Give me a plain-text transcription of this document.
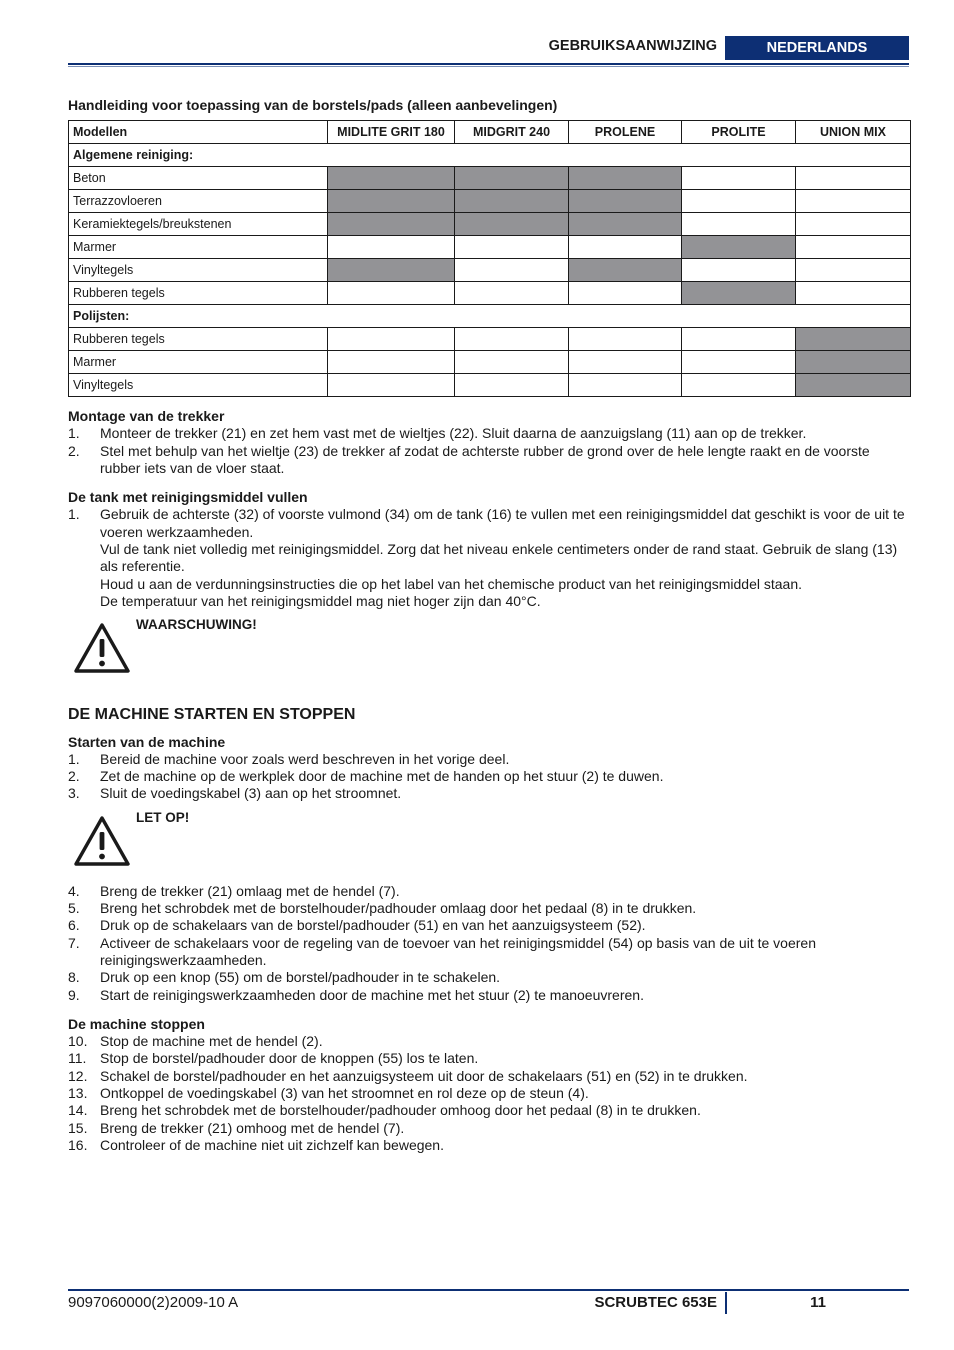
GEBRUIKSAANWIJZING	NEDERLANDS
Handleiding voor toepassing van de borstels/pads (alleen aanbevelingen)
Modellen	MIDLITE GRIT 180	MIDGRIT 240	PROLENE	PROLITE	UNION MIX
Algemene reiniging:					
Beton					
Terrazzovloeren					
Keramiektegels/breukstenen					
Marmer					
Vinyltegels					
Rubberen tegels					
Polijsten:					
Rubberen tegels					
Marmer					
Vinyltegels					
Montage van de trekker
1. Monteer de trekker (21) en zet hem vast met de wieltjes (22). Sluit daarna de aanzuigslang (11) aan op de trekker.
2. Stel met behulp van het wieltje (23) de trekker af zodat de achterste rubber de grond over de hele lengte raakt en de voorste rubber iets van de vloer staat.
De tank met reinigingsmiddel vullen
1. Gebruik de achterste (32) of voorste vulmond (34) om de tank (16) te vullen met een reinigingsmiddel dat geschikt is voor de uit te voeren werkzaamheden.
Vul de tank niet volledig met reinigingsmiddel. Zorg dat het niveau enkele centimeters onder de rand staat. Gebruik de slang (13) als referentie.
Houd u aan de verdunningsinstructies die op het label van het chemische product van het reinigingsmiddel staan.
De temperatuur van het reinigingsmiddel mag niet hoger zijn dan 40°C.
WAARSCHUWING!
DE MACHINE STARTEN EN STOPPEN
Starten van de machine
1. Bereid de machine voor zoals werd beschreven in het vorige deel.
2. Zet de machine op de werkplek door de machine met de handen op het stuur (2) te duwen.
3. Sluit de voedingskabel (3) aan op het stroomnet.
LET OP!
4. Breng de trekker (21) omlaag met de hendel (7).
5. Breng het schrobdek met de borstelhouder/padhouder omlaag door het pedaal (8) in te drukken.
6. Druk op de schakelaars van de borstel/padhouder (51) en van het aanzuigsysteem (52).
7. Activeer de schakelaars voor de regeling van de toevoer van het reinigingsmiddel (54) op basis van de uit te voeren reinigingswerkzaamheden.
8. Druk op een knop (55) om de borstel/padhouder in te schakelen.
9. Start de reinigingswerkzaamheden door de machine met het stuur (2) te manoeuvreren.
De machine stoppen
10. Stop de machine met de hendel (2).
11. Stop de borstel/padhouder door de knoppen (55) los te laten.
12. Schakel de borstel/padhouder en het aanzuigsysteem uit door de schakelaars (51) en (52) in te drukken.
13. Ontkoppel de voedingskabel (3) van het stroomnet en rol deze op de steun (4).
14. Breng het schrobdek met de borstelhouder/padhouder omhoog door het pedaal (8) in te drukken.
15. Breng de trekker (21) omhoog met de hendel (7).
16. Controleer of de machine niet uit zichzelf kan bewegen.
9097060000(2)2009-10 A	SCRUBTEC 653E	11
